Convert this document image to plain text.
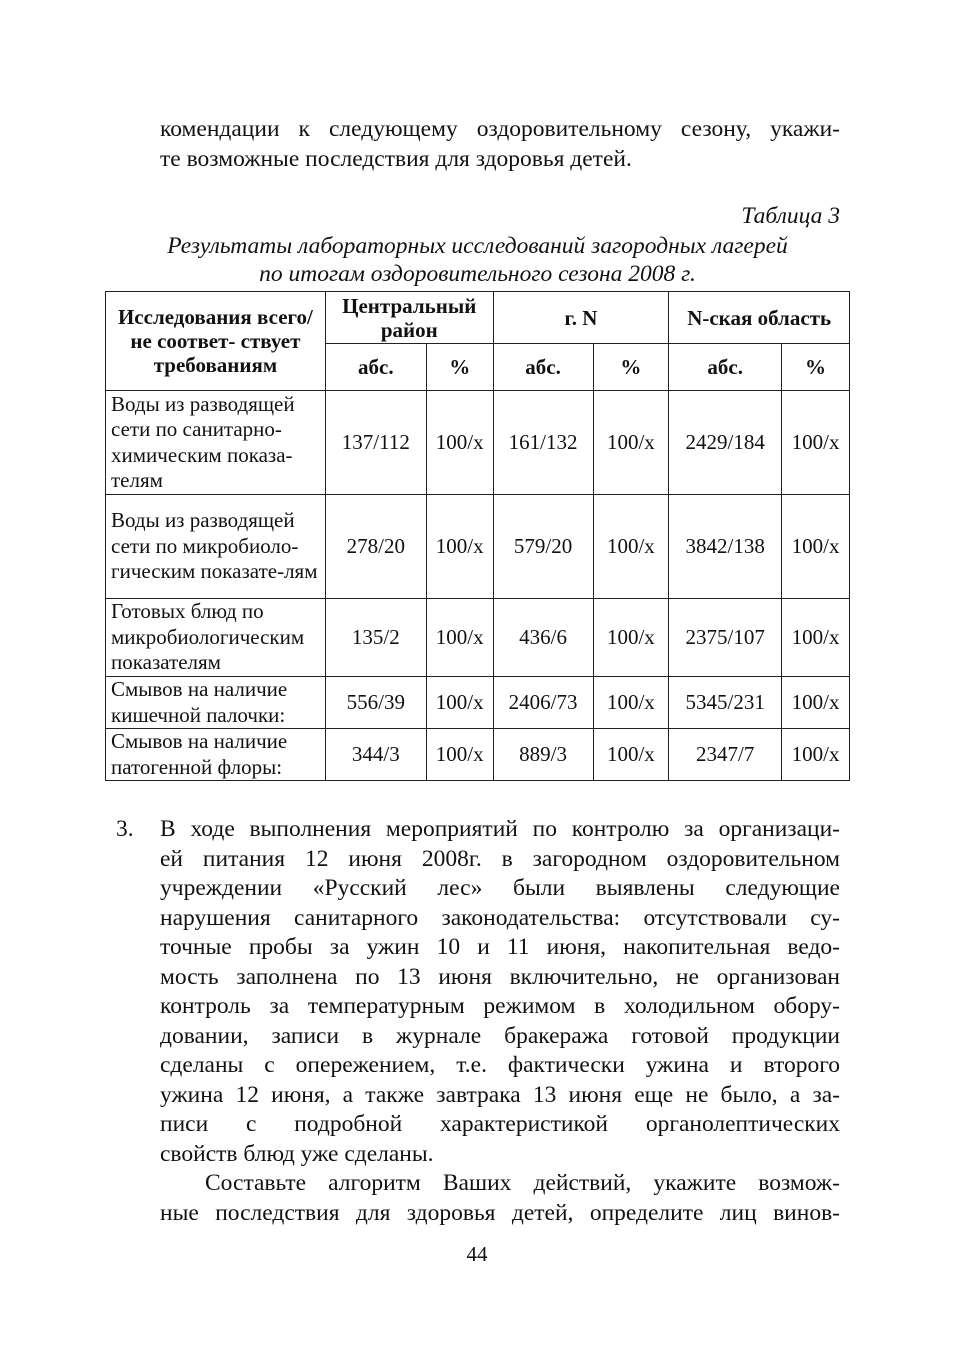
комендации к следующему оздоровительному сезону, укажи-
те возможные последствия для здоровья детей.
Таблица 3
Результаты лабораторных исследований загородных лагерей
по итогам оздоровительного сезона 2008 г.
Исследования всего/ не соответ- ствует требованиям	Центральный район		г. N		N-ская область	
	абс.	%	абс.	%	абс.	%
Воды из разводящей сети по санитарно-химическим показа-телям	137/112	100/х	161/132	100/х	2429/184	100/х
Воды из разводящей сети по микробиоло-гическим показате-лям	278/20	100/х	579/20	100/х	3842/138	100/х
Готовых блюд по микробиологическим показателям	135/2	100/х	436/6	100/х	2375/107	100/х
Смывов на наличие кишечной палочки:	556/39	100/х	2406/73	100/х	5345/231	100/х
Смывов на наличие патогенной флоры:	344/3	100/х	889/3	100/х	2347/7	100/х
3. В ходе выполнения мероприятий по контролю за организаци-
ей питания 12 июня 2008г. в загородном оздоровительном
учреждении «Русский лес» были выявлены следующие
нарушения санитарного законодательства: отсутствовали су-
точные пробы за ужин 10 и 11 июня, накопительная ведо-
мость заполнена по 13 июня включительно, не организован
контроль за температурным режимом в холодильном обору-
довании, записи в журнале бракеража готовой продукции
сделаны с опережением, т.е. фактически ужина и второго
ужина 12 июня, а также завтрака 13 июня еще не было, а за-
писи с подробной характеристикой органолептических
свойств блюд уже сделаны.
Составьте алгоритм Ваших действий, укажите возмож-
ные последствия для здоровья детей, определите лиц винов-
44
